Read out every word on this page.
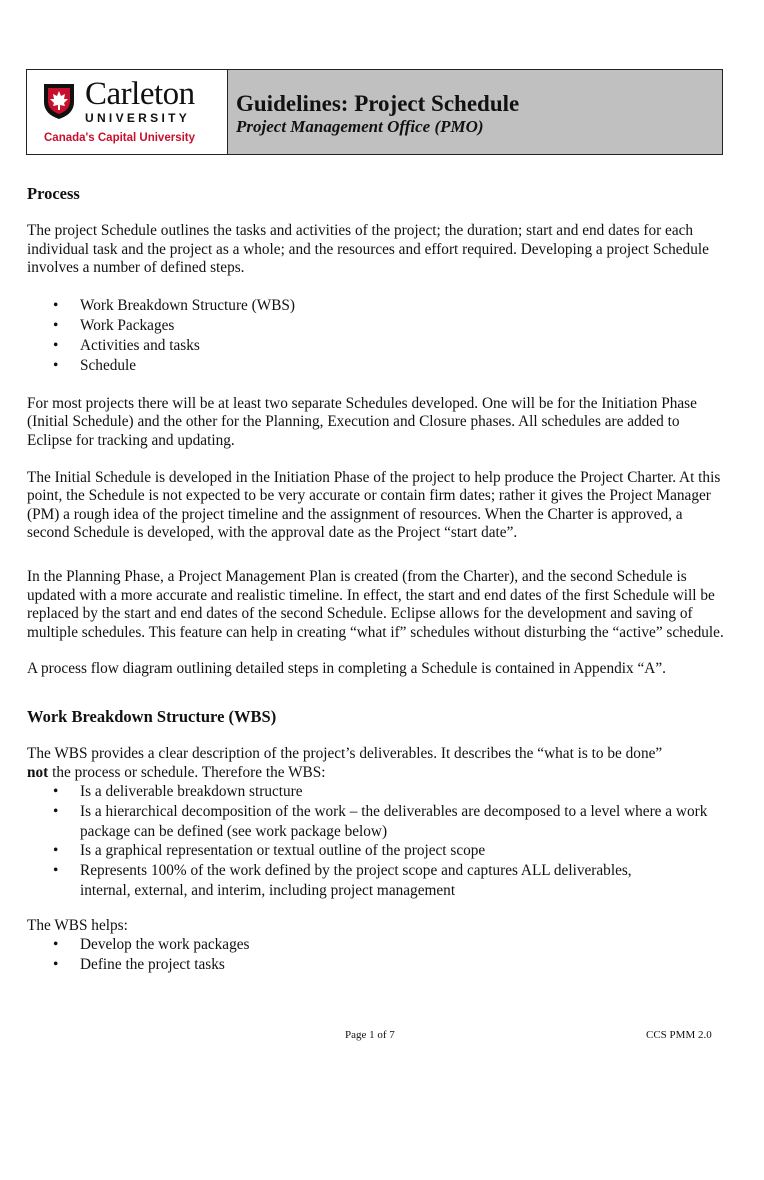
Carleton
UNIVERSITY
Canada's Capital University
Guidelines: Project Schedule
Project Management Office (PMO)
Process

The project Schedule outlines the tasks and activities of the project; the duration; start and end dates for each individual task and the project as a whole; and the resources and effort required. Developing a project Schedule involves a number of defined steps.

• Work Breakdown Structure (WBS)
• Work Packages
• Activities and tasks
• Schedule

For most projects there will be at least two separate Schedules developed. One will be for the Initiation Phase (Initial Schedule) and the other for the Planning, Execution and Closure phases. All schedules are added to Eclipse for tracking and updating.

The Initial Schedule is developed in the Initiation Phase of the project to help produce the Project Charter. At this point, the Schedule is not expected to be very accurate or contain firm dates; rather it gives the Project Manager (PM) a rough idea of the project timeline and the assignment of resources. When the Charter is approved, a second Schedule is developed, with the approval date as the Project “start date”.

In the Planning Phase, a Project Management Plan is created (from the Charter), and the second Schedule is updated with a more accurate and realistic timeline. In effect, the start and end dates of the first Schedule will be replaced by the start and end dates of the second Schedule. Eclipse allows for the development and saving of multiple schedules. This feature can help in creating “what if” schedules without disturbing the “active” schedule.

A process flow diagram outlining detailed steps in completing a Schedule is contained in Appendix “A”.

Work Breakdown Structure (WBS)

The WBS provides a clear description of the project’s deliverables. It describes the “what is to be done”
not the process or schedule. Therefore the WBS:

• Is a deliverable breakdown structure
• Is a hierarchical decomposition of the work – the deliverables are decomposed to a level where a work package can be defined (see work package below)
• Is a graphical representation or textual outline of the project scope
• Represents 100% of the work defined by the project scope and captures ALL deliverables, internal, external, and interim, including project management

The WBS helps:

• Develop the work packages
• Define the project tasks
Page 1 of 7	CCS PMM 2.0
